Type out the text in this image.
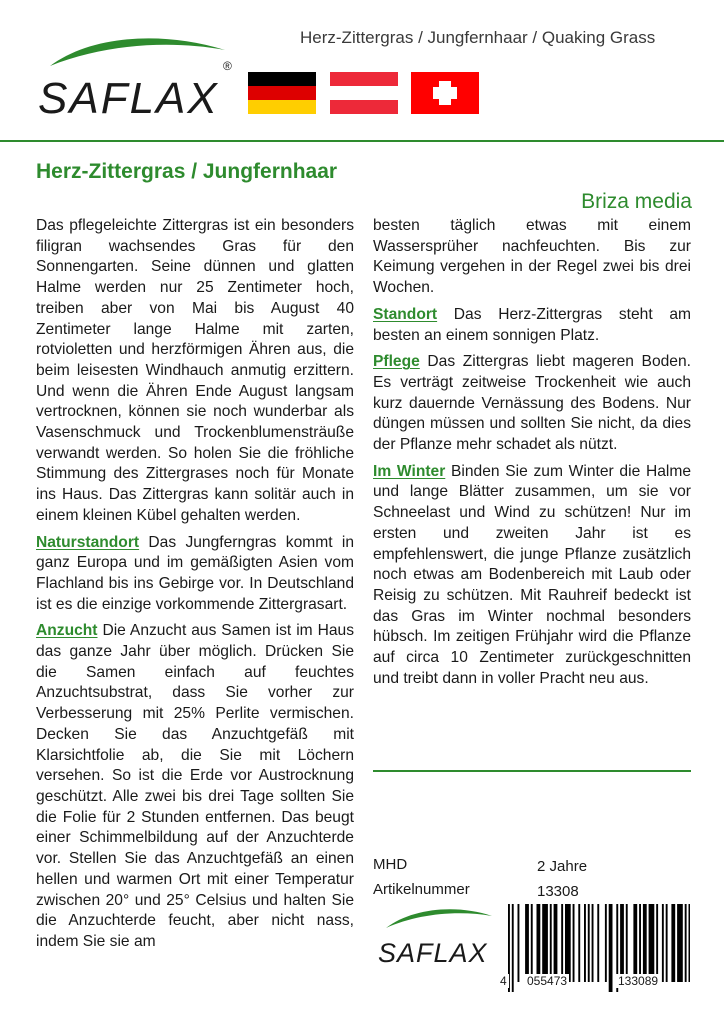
Herz-Zittergras / Jungfernhaar / Quaking Grass
SAFLAX
®
Herz-Zittergras / Jungfernhaar
Briza media

Das pflegeleichte Zittergras ist ein besonders filigran wachsendes Gras für den Sonnengarten. Seine dünnen und glatten Halme werden nur 25 Zentimeter hoch, treiben aber von Mai bis August 40 Zentimeter lange Halme mit zarten, rotvioletten und herzförmigen Ähren aus, die beim leisesten Windhauch anmutig erzittern. Und wenn die Ähren Ende August langsam vertrocknen, können sie noch wunderbar als Vasenschmuck und Trockenblumensträuße verwandt werden. So holen Sie die fröhliche Stimmung des Zittergrases noch für Monate ins Haus. Das Zittergras kann solitär auch in einem kleinen Kübel gehalten werden.

Naturstandort Das Jungferngras kommt in ganz Europa und im gemäßigten Asien vom Flachland bis ins Gebirge vor. In Deutschland ist es die einzige vorkommende Zittergrasart.

Anzucht Die Anzucht aus Samen ist im Haus das ganze Jahr über möglich. Drücken Sie die Samen einfach auf feuchtes Anzuchtsubstrat, dass Sie vorher zur Verbesserung mit 25% Perlite vermischen. Decken Sie das Anzuchtgefäß mit Klarsichtfolie ab, die Sie mit Löchern versehen. So ist die Erde vor Austrocknung geschützt. Alle zwei bis drei Tage sollten Sie die Folie für 2 Stunden entfernen. Das beugt einer Schimmelbildung auf der Anzuchterde vor. Stellen Sie das Anzuchtgefäß an einen hellen und warmen Ort mit einer Temperatur zwischen 20° und 25° Celsius und halten Sie die Anzuchterde feucht, aber nicht nass, indem Sie sie am

besten täglich etwas mit einem Wassersprüher nachfeuchten. Bis zur Keimung vergehen in der Regel zwei bis drei Wochen.

Standort Das Herz-Zittergras steht am besten an einem sonnigen Platz.

Pflege Das Zittergras liebt mageren Boden. Es verträgt zeitweise Trockenheit wie auch kurz dauernde Vernässung des Bodens. Nur düngen müssen und sollten Sie nicht, da dies der Pflanze mehr schadet als nützt.

Im Winter Binden Sie zum Winter die Halme und lange Blätter zusammen, um sie vor Schneelast und Wind zu schützen! Nur im ersten und zweiten Jahr ist es empfehlenswert, die junge Pflanze zusätzlich noch etwas am Bodenbereich mit Laub oder Reisig zu schützen. Mit Rauhreif bedeckt ist das Gras im Winter nochmal besonders hübsch. Im zeitigen Frühjahr wird die Pflanze auf circa 10 Zentimeter zurückgeschnitten und treibt dann in voller Pracht neu aus.

MHD	2 Jahre
Artikelnummer	13308
SAFLAX
4 055473	133089
